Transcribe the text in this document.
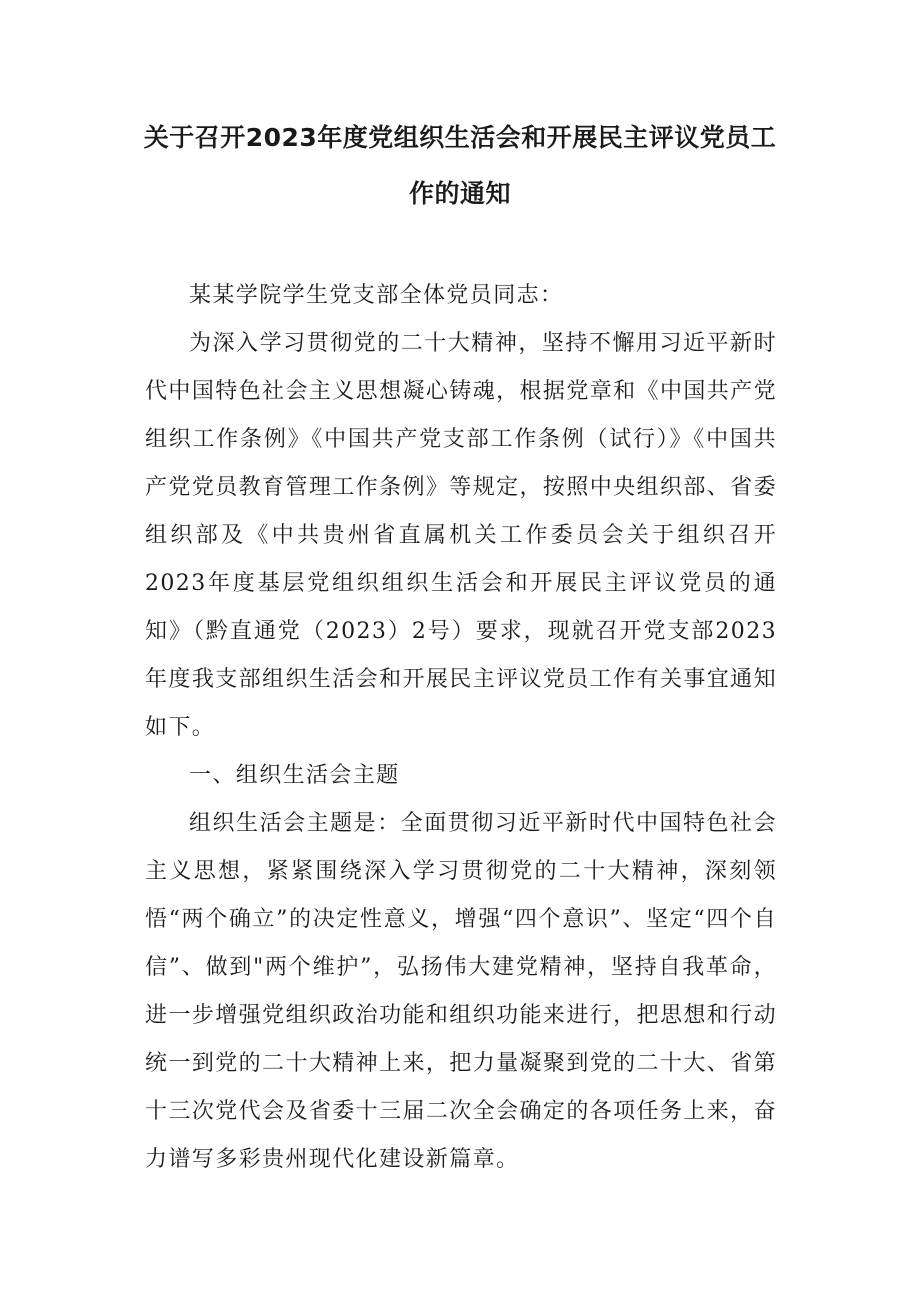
关于召开2023年度党组织生活会和开展民主评议党员工
作的通知

某某学院学生党支部全体党员同志：

为深入学习贯彻党的二十大精神，坚持不懈用习近平新时代中国特色社会主义思想凝心铸魂，根据党章和《中国共产党组织工作条例》《中国共产党支部工作条例（试行）》《中国共产党党员教育管理工作条例》等规定，按照中央组织部、省委组织部及《中共贵州省直属机关工作委员会关于组织召开2023年度基层党组织组织生活会和开展民主评议党员的通知》（黔直通党（2023）2号）要求，现就召开党支部2023年度我支部组织生活会和开展民主评议党员工作有关事宜通知如下。

一、组织生活会主题

组织生活会主题是：全面贯彻习近平新时代中国特色社会主义思想，紧紧围绕深入学习贯彻党的二十大精神，深刻领悟“两个确立”的决定性意义，增强“四个意识”、坚定“四个自信”、做到"两个维护”，弘扬伟大建党精神，坚持自我革命，进一步增强党组织政治功能和组织功能来进行，把思想和行动统一到党的二十大精神上来，把力量凝聚到党的二十大、省第十三次党代会及省委十三届二次全会确定的各项任务上来，奋力谱写多彩贵州现代化建设新篇章。
